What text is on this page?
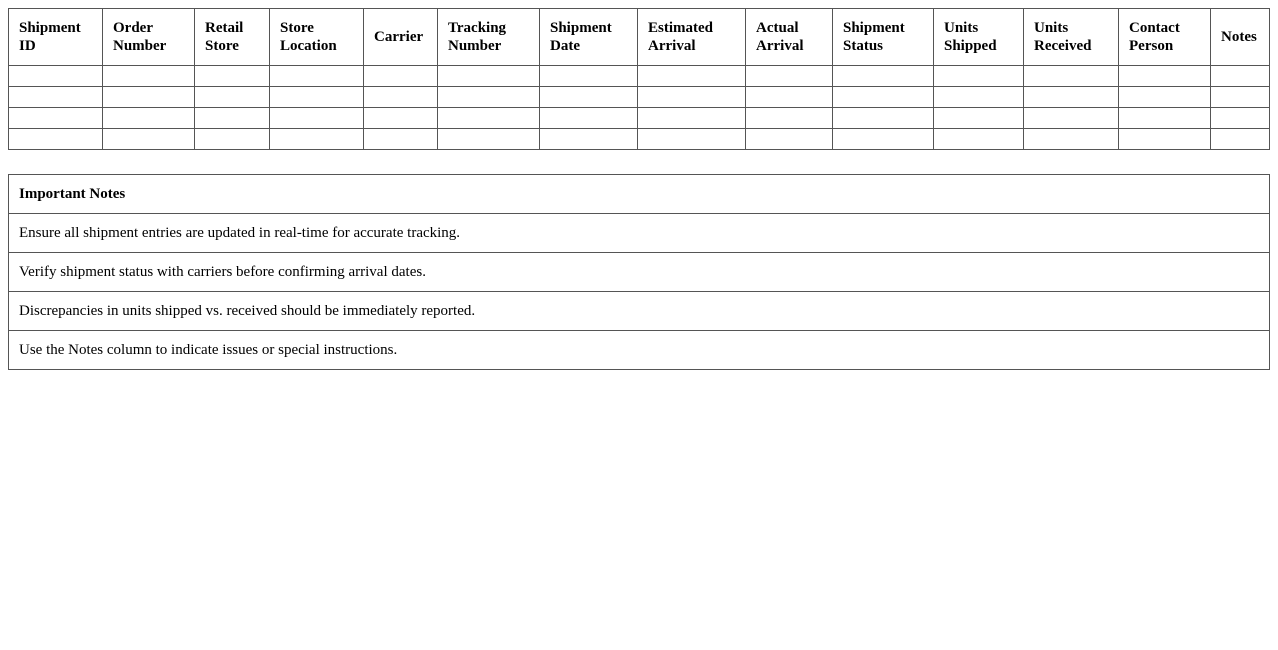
Shipment ID	Order Number	Retail Store	Store Location	Carrier	Tracking Number	Shipment Date	Estimated Arrival	Actual Arrival	Shipment Status	Units Shipped	Units Received	Contact Person	Notes

Important Notes
Ensure all shipment entries are updated in real-time for accurate tracking.
Verify shipment status with carriers before confirming arrival dates.
Discrepancies in units shipped vs. received should be immediately reported.
Use the Notes column to indicate issues or special instructions.
